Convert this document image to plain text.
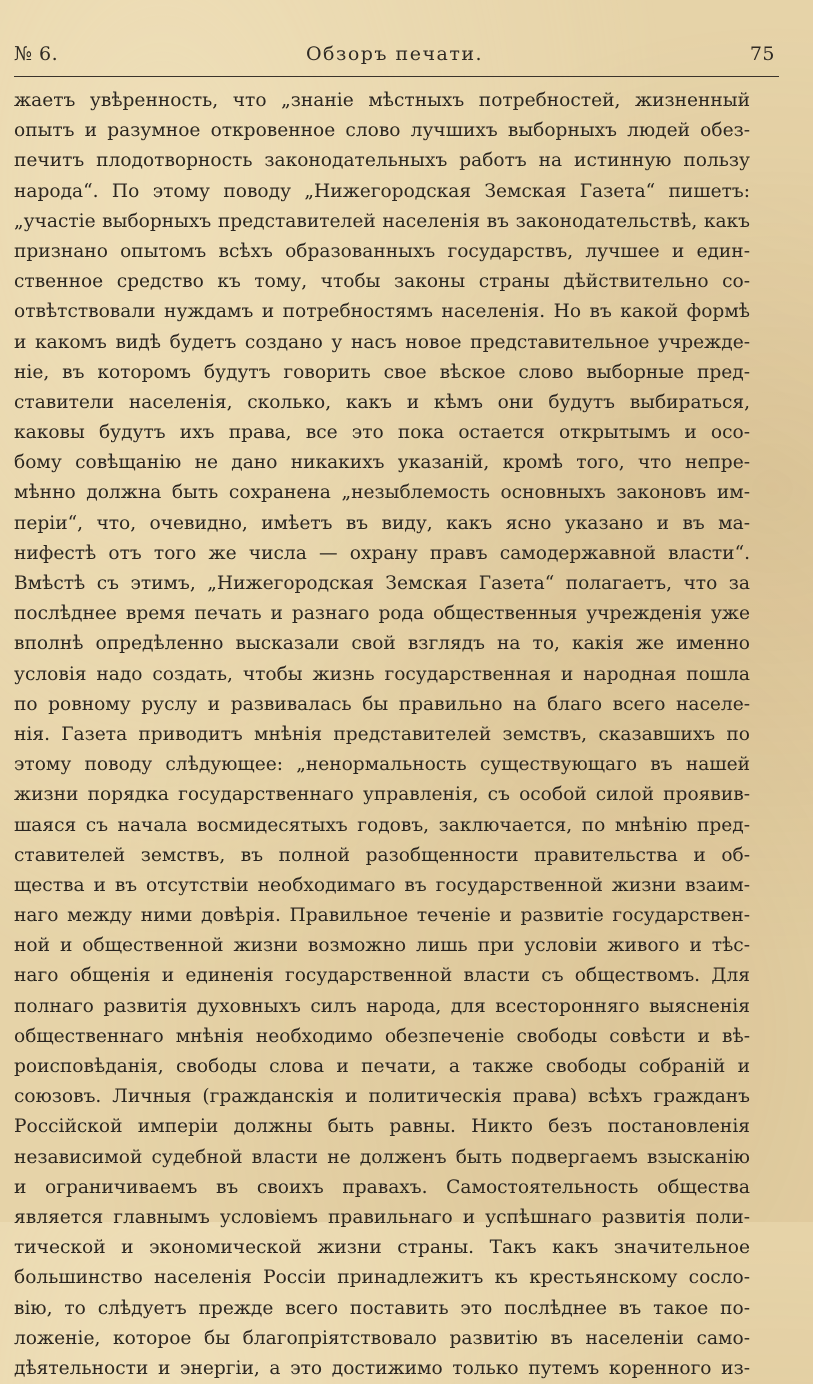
№ 6.	Обзоръ печати.	75
жаетъ увѣренность, что „знаніе мѣстныхъ потребностей, жизненный
опытъ и разумное откровенное слово лучшихъ выборныхъ людей обез-
печитъ плодотворность законодательныхъ работъ на истинную пользу
народа“. По этому поводу „Нижегородская Земская Газета“ пишетъ:
„участіе выборныхъ представителей населенія въ законодательствѣ, какъ
признано опытомъ всѣхъ образованныхъ государствъ, лучшее и един-
ственное средство къ тому, чтобы законы страны дѣйствительно со-
отвѣтствовали нуждамъ и потребностямъ населенія. Но въ какой формѣ
и какомъ видѣ будетъ создано у насъ новое представительное учрежде-
ніе, въ которомъ будутъ говорить свое вѣское слово выборные пред-
ставители населенія, сколько, какъ и кѣмъ они будутъ выбираться,
каковы будутъ ихъ права, все это пока остается открытымъ и осо-
бому совѣщанію не дано никакихъ указаній, кромѣ того, что непре-
мѣнно должна быть сохранена „незыблемость основныхъ законовъ им-
періи“, что, очевидно, имѣетъ въ виду, какъ ясно указано и въ ма-
нифестѣ отъ того же числа — охрану правъ самодержавной власти“.
Вмѣстѣ съ этимъ, „Нижегородская Земская Газета“ полагаетъ, что за
послѣднее время печать и разнаго рода общественныя учрежденія уже
вполнѣ опредѣленно высказали свой взглядъ на то, какія же именно
условія надо создать, чтобы жизнь государственная и народная пошла
по ровному руслу и развивалась бы правильно на благо всего населе-
нія. Газета приводитъ мнѣнія представителей земствъ, сказавшихъ по
этому поводу слѣдующее: „ненормальность существующаго въ нашей
жизни порядка государственнаго управленія, съ особой силой проявив-
шаяся съ начала восмидесятыхъ годовъ, заключается, по мнѣнію пред-
ставителей земствъ, въ полной разобщенности правительства и об-
щества и въ отсутствіи необходимаго въ государственной жизни взаим-
наго между ними довѣрія. Правильное теченіе и развитіе государствен-
ной и общественной жизни возможно лишь при условіи живого и тѣс-
наго общенія и единенія государственной власти съ обществомъ. Для
полнаго развитія духовныхъ силъ народа, для всесторонняго выясненія
общественнаго мнѣнія необходимо обезпеченіе свободы совѣсти и вѣ-
роисповѣданія, свободы слова и печати, а также свободы собраній и
союзовъ. Личныя (гражданскія и политическія права) всѣхъ гражданъ
Россійской имперіи должны быть равны. Никто безъ постановленія
независимой судебной власти не долженъ быть подвергаемъ взысканію
и ограничиваемъ въ своихъ правахъ. Самостоятельность общества
является главнымъ условіемъ правильнаго и успѣшнаго развитія поли-
тической и экономической жизни страны. Такъ какъ значительное
большинство населенія Россіи принадлежитъ къ крестьянскому сосло-
вію, то слѣдуетъ прежде всего поставить это послѣднее въ такое по-
ложеніе, которое бы благопріятствовало развитію въ населеніи само-
дѣятельности и энергіи, а это достижимо только путемъ коренного из-
